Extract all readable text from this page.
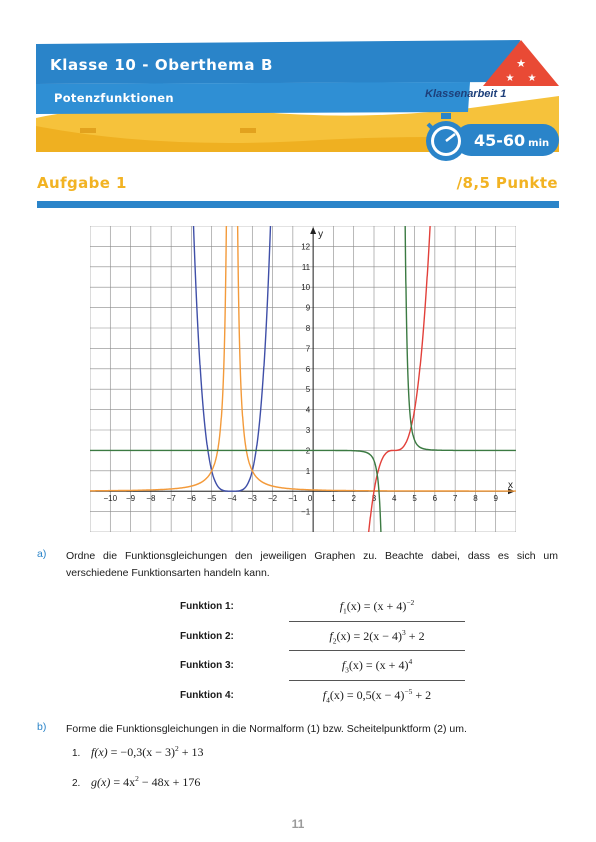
★
★ ★
Klasse 10 - Oberthema B
Potenzfunktionen	Klassenarbeit 1
45-60 min
Aufgabe 1	/8,5 Punkte
x
y
−10 −9 −8 −7 −6 −5 −4 −3 −2 −1 0 1 2 3 4 5 6 7 8 9
−1
1
2
3
4
5
6
7
8
9
10
11
12
a) Ordne die Funktionsgleichungen den jeweiligen Graphen zu. Beachte dabei, dass es sich um verschiedene Funktionsarten handeln kann.
Funktion 1:	$f_1(x) = (x + 4)^{-2}$
Funktion 2:	$f_2(x) = 2(x - 4)^3 + 2$
Funktion 3:	$f_3(x) = (x + 4)^4$
Funktion 4:	$f_4(x) = 0,5(x - 4)^{-5} + 2$
b) Forme die Funktionsgleichungen in die Normalform (1) bzw. Scheitelpunktform (2) um.
1. $f(x) = -0,3(x - 3)^2 + 13$
2. $g(x) = 4x^2 - 48x + 176$
11
